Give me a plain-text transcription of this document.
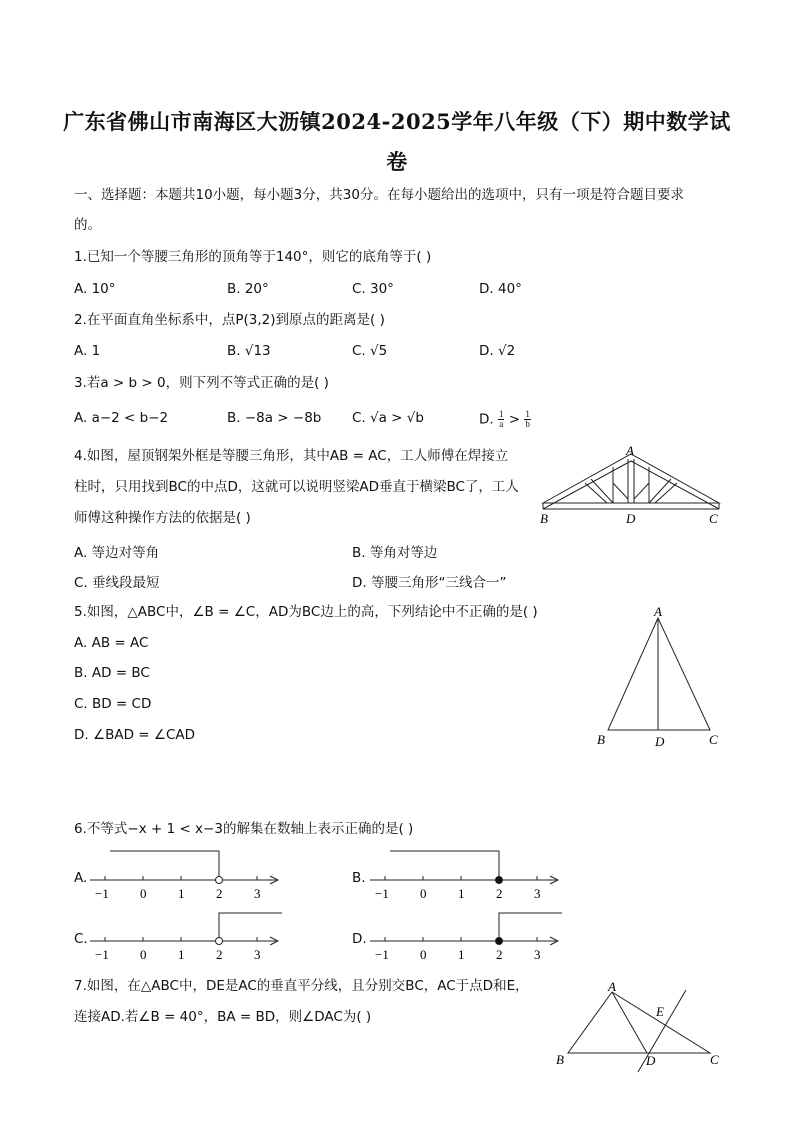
广东省佛山市南海区大沥镇2024-2025学年八年级（下）期中数学试
卷
一、选择题：本题共10小题，每小题3分，共30分。在每小题给出的选项中，只有一项是符合题目要求
的。
1.已知一个等腰三角形的顶角等于140°，则它的底角等于( )
A. 10°	B. 20°	C. 30°	D. 40°
2.在平面直角坐标系中，点P(3,2)到原点的距离是( )
A. 1	B. √13	C. √5	D. √2
3.若a > b > 0，则下列不等式正确的是( )
A. a−2 < b−2	B. −8a > −8b C. √a > √b	D. $\frac{1}{a} > \frac{1}{b}$
4.如图，屋顶钢架外框是等腰三角形，其中AB = AC，工人师傅在焊接立
柱时，只用找到BC的中点D，这就可以说明竖梁AD垂直于横梁BC了，工人
师傅这种操作方法的依据是( )
A. 等边对等角	B. 等角对等边
C. 垂线段最短	D. 等腰三角形“三线合一”
A
B	D	C
5.如图，△ABC中，∠B = ∠C，AD为BC边上的高，下列结论中不正确的是( )
A. AB = AC
B. AD = BC
C. BD = CD
D. ∠BAD = ∠CAD
A
B	D	C
6.不等式−x + 1 < x−3的解集在数轴上表示正确的是( )
A.
−1 0 1 2 3
B.
−1 0 1 2 3
C.
−1 0 1 2 3
D.
−1 0 1 2 3
7.如图，在△ABC中，DE是AC的垂直平分线，且分别交BC，AC于点D和E，
连接AD.若∠B = 40°，BA = BD，则∠DAC为( )
A
E
B	D	C
